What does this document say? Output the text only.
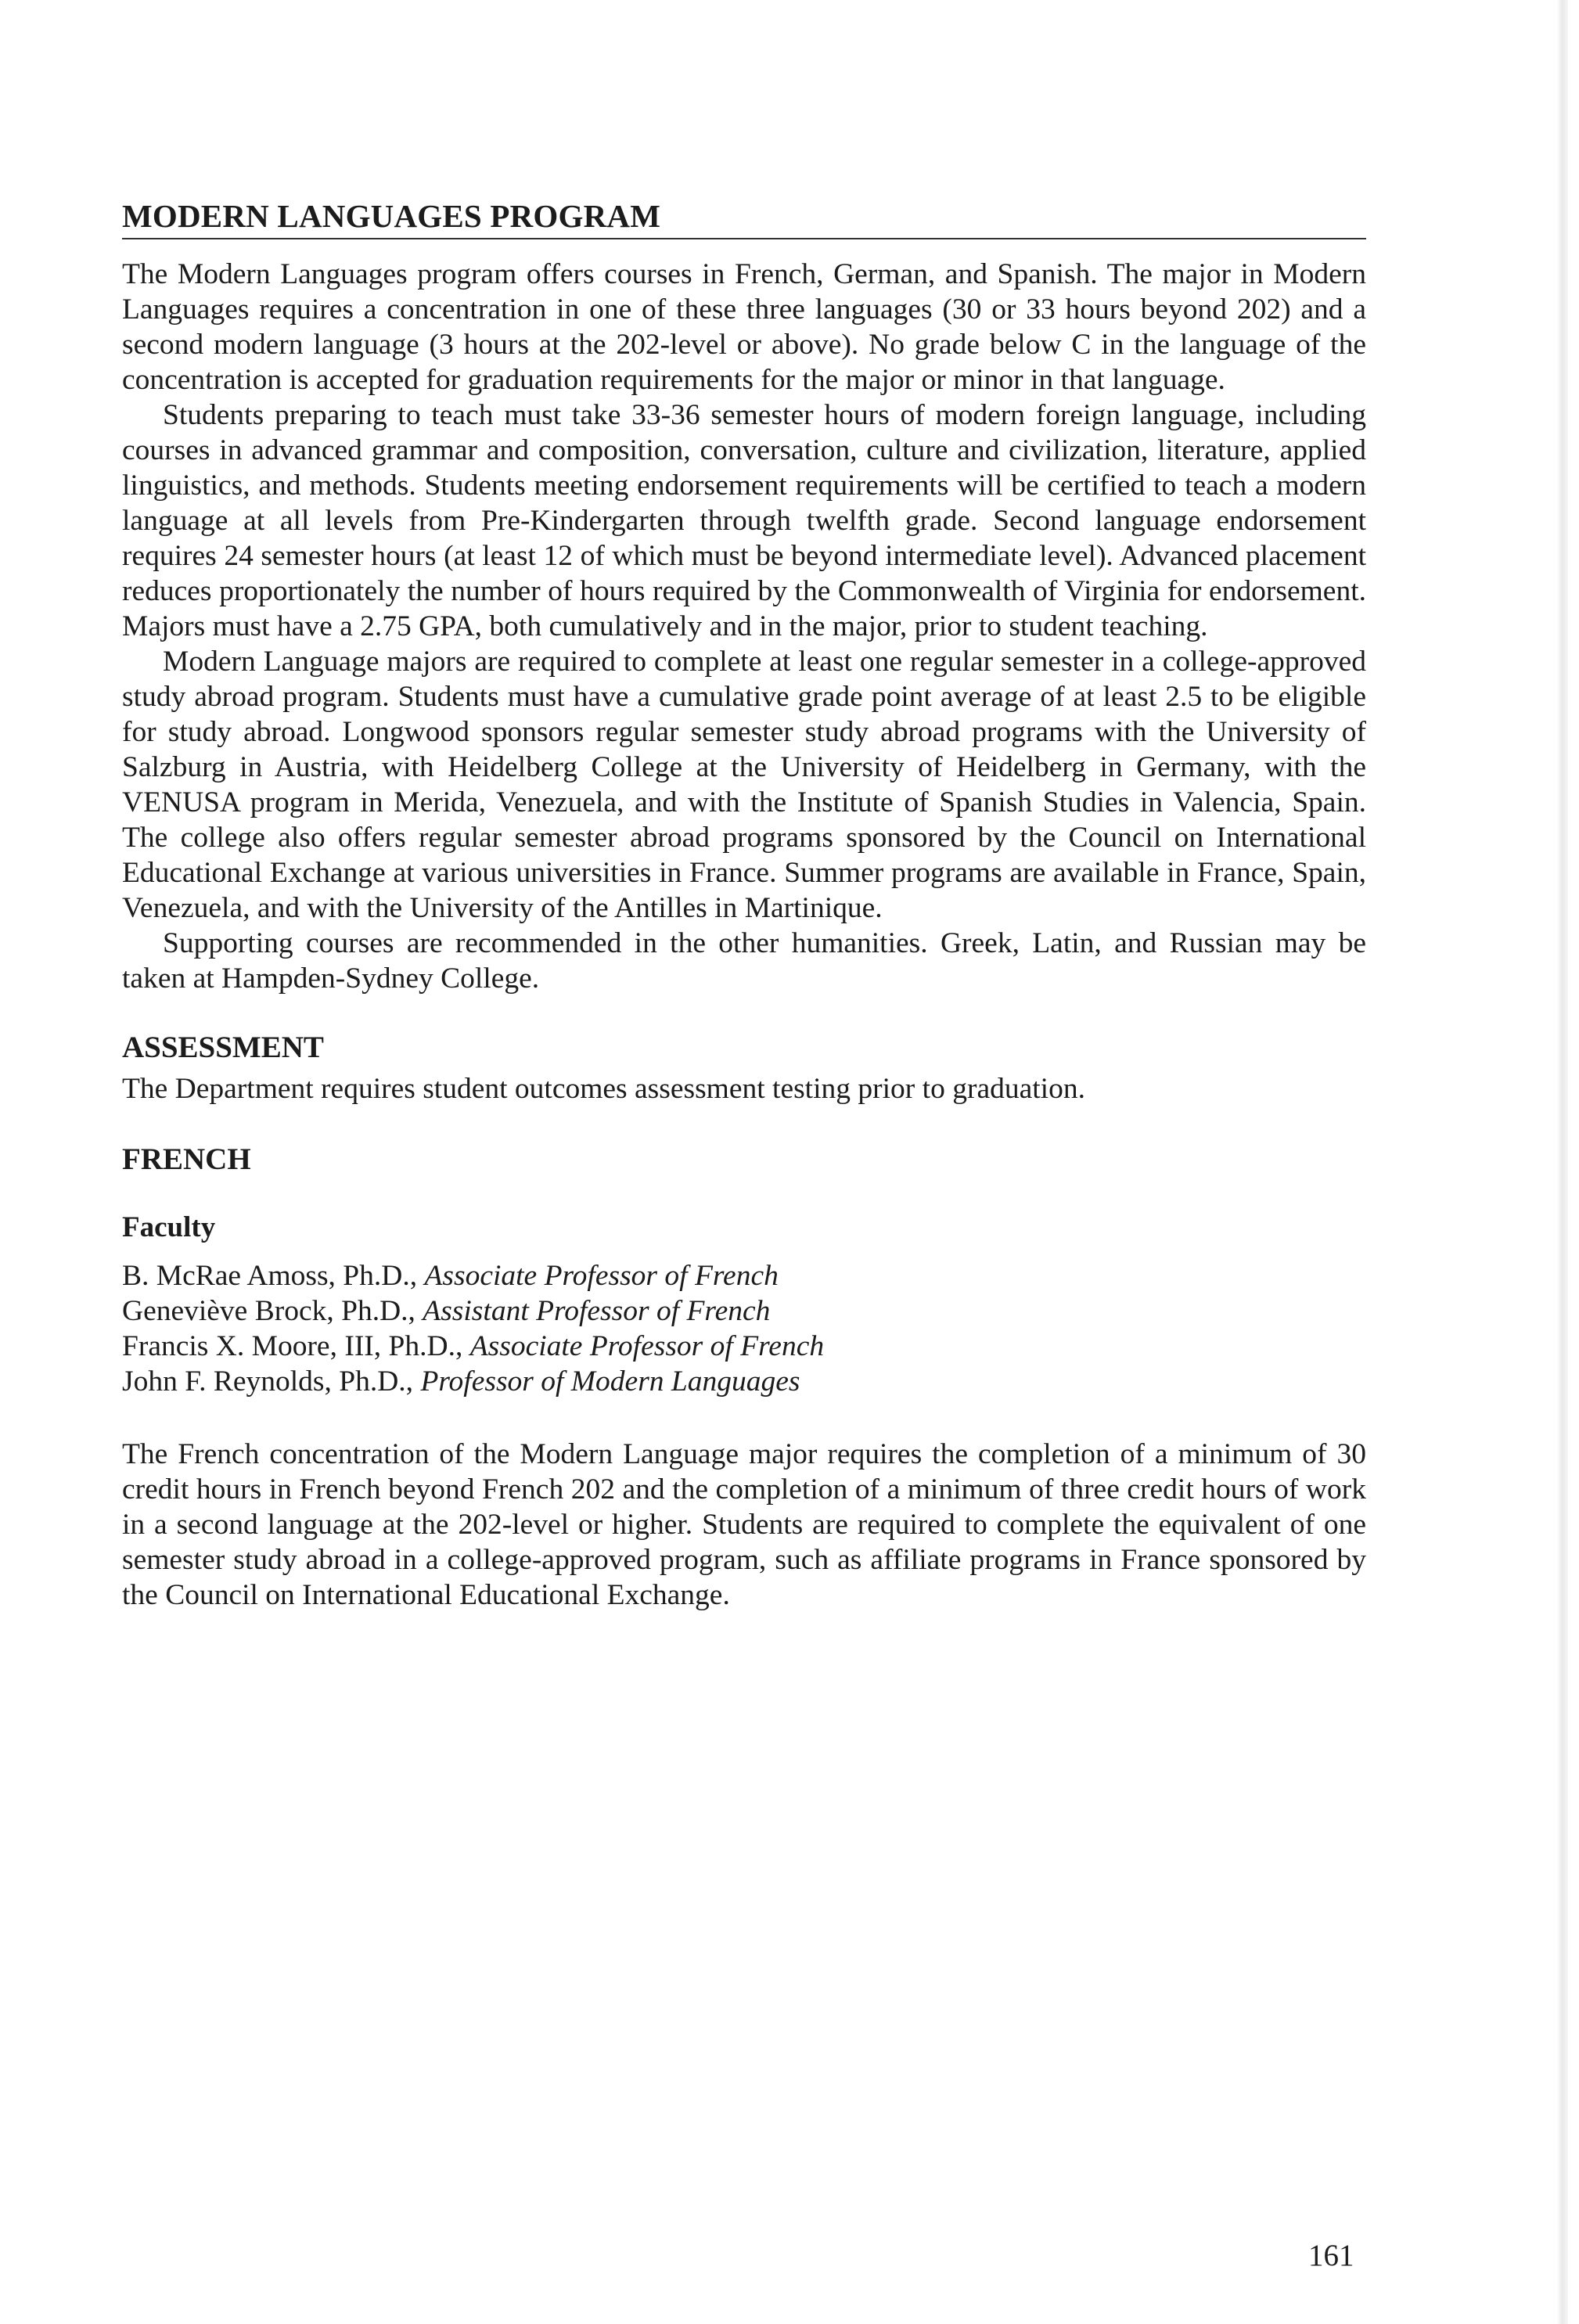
MODERN LANGUAGES PROGRAM

The Modern Languages program offers courses in French, German, and Spanish. The major in Modern Languages requires a concentration in one of these three languages (30 or 33 hours beyond 202) and a second modern language (3 hours at the 202-level or above). No grade below C in the language of the concentration is accepted for graduation requirements for the major or minor in that language.

Students preparing to teach must take 33-36 semester hours of modern foreign language, including courses in advanced grammar and composition, conversation, culture and civilization, literature, applied linguistics, and methods. Students meeting endorsement requirements will be certified to teach a modern language at all levels from Pre-Kindergarten through twelfth grade. Second language endorsement requires 24 semester hours (at least 12 of which must be beyond intermediate level). Advanced placement reduces proportionately the number of hours required by the Commonwealth of Virginia for endorsement. Majors must have a 2.75 GPA, both cumulatively and in the major, prior to student teaching.

Modern Language majors are required to complete at least one regular semester in a college-approved study abroad program. Students must have a cumulative grade point average of at least 2.5 to be eligible for study abroad. Longwood sponsors regular semester study abroad programs with the University of Salzburg in Austria, with Heidelberg College at the University of Heidelberg in Germany, with the VENUSA program in Merida, Venezuela, and with the Institute of Spanish Studies in Valencia, Spain. The college also offers regular semester abroad programs sponsored by the Council on International Educational Exchange at various universities in France. Summer programs are available in France, Spain, Venezuela, and with the University of the Antilles in Martinique.

Supporting courses are recommended in the other humanities. Greek, Latin, and Russian may be taken at Hampden-Sydney College.

ASSESSMENT

The Department requires student outcomes assessment testing prior to graduation.

FRENCH
Faculty
B. McRae Amoss, Ph.D., Associate Professor of French
Geneviève Brock, Ph.D., Assistant Professor of French
Francis X. Moore, III, Ph.D., Associate Professor of French
John F. Reynolds, Ph.D., Professor of Modern Languages

The French concentration of the Modern Language major requires the completion of a minimum of 30 credit hours in French beyond French 202 and the completion of a minimum of three credit hours of work in a second language at the 202-level or higher. Students are required to complete the equivalent of one semester study abroad in a college-approved program, such as affiliate programs in France sponsored by the Council on International Educational Exchange.

161
